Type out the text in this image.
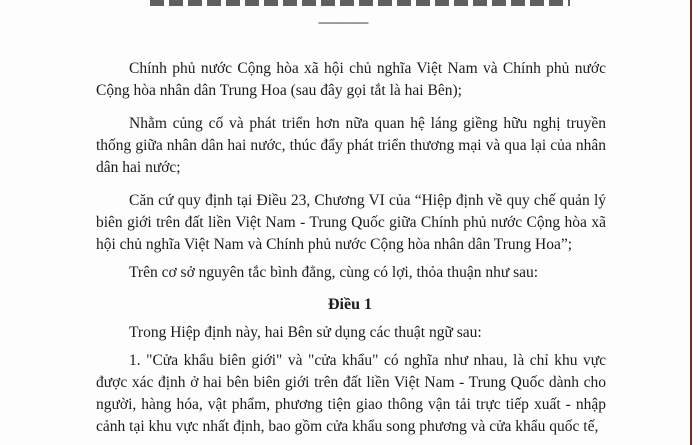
---------------

Chính phủ nước Cộng hòa xã hội chủ nghĩa Việt Nam và Chính phủ nước Cộng hòa nhân dân Trung Hoa (sau đây gọi tắt là hai Bên);

Nhằm củng cố và phát triển hơn nữa quan hệ láng giềng hữu nghị truyền thống giữa nhân dân hai nước, thúc đẩy phát triển thương mại và qua lại của nhân dân hai nước;

Căn cứ quy định tại Điều 23, Chương VI của “Hiệp định về quy chế quản lý biên giới trên đất liền Việt Nam - Trung Quốc giữa Chính phủ nước Cộng hòa xã hội chủ nghĩa Việt Nam và Chính phủ nước Cộng hòa nhân dân Trung Hoa”;

Trên cơ sở nguyên tắc bình đẳng, cùng có lợi, thỏa thuận như sau:

Điều 1

Trong Hiệp định này, hai Bên sử dụng các thuật ngữ sau:

1. "Cửa khẩu biên giới" và "cửa khẩu" có nghĩa như nhau, là chỉ khu vực được xác định ở hai bên biên giới trên đất liền Việt Nam - Trung Quốc dành cho người, hàng hóa, vật phẩm, phương tiện giao thông vận tải trực tiếp xuất - nhập cảnh tại khu vực nhất định, bao gồm cửa khẩu song phương và cửa khẩu quốc tế,
